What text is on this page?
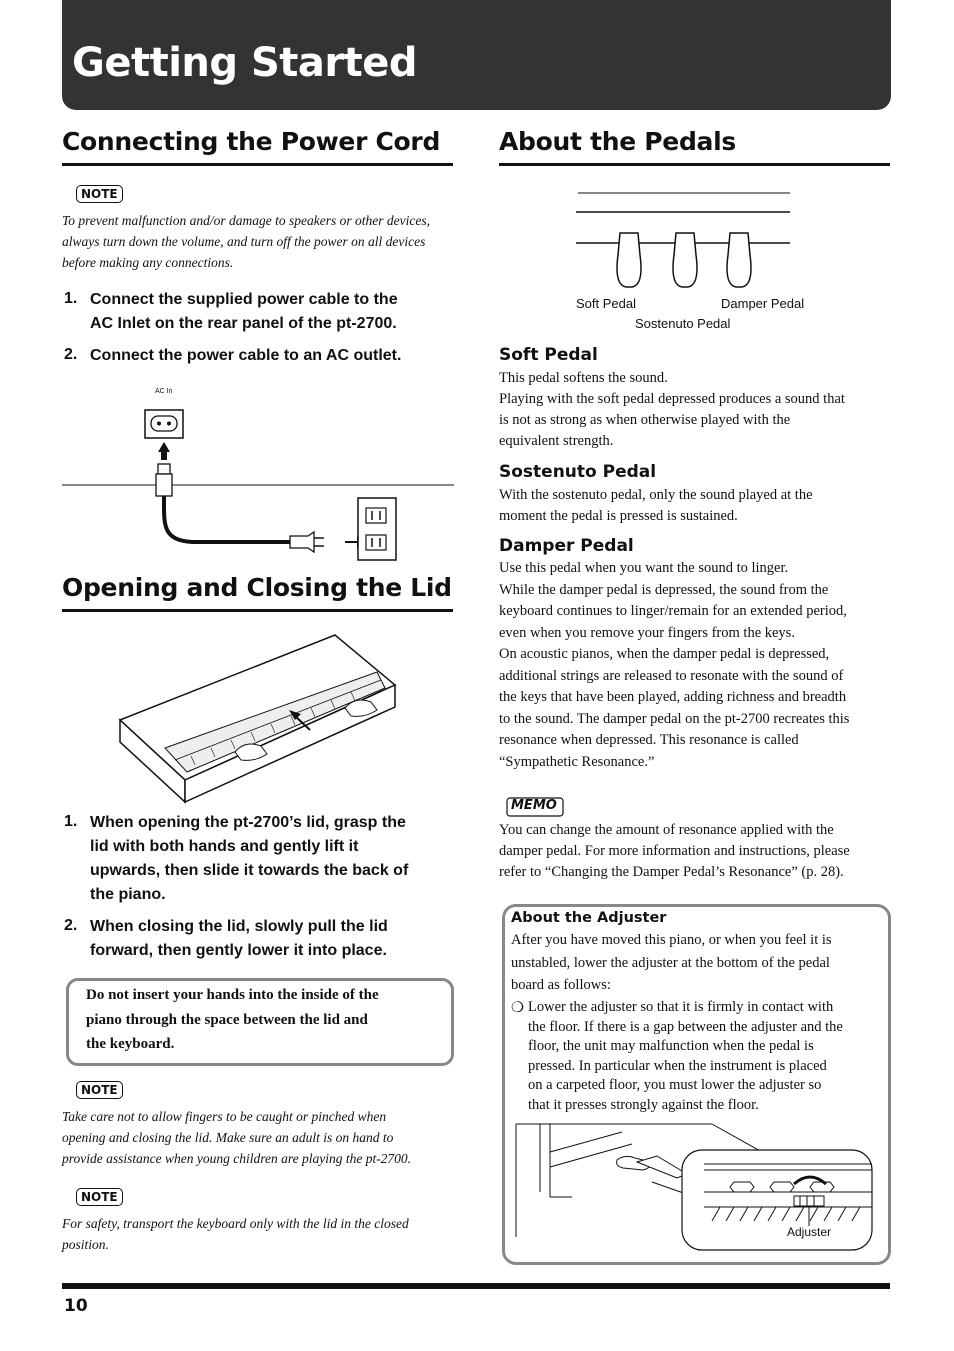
Getting Started
Connecting the Power Cord
NOTE
To prevent malfunction and/or damage to speakers or other devices,
always turn down the volume, and turn off the power on all devices
before making any connections.
1. Connect the supplied power cable to the
AC Inlet on the rear panel of the pt-2700.
2. Connect the power cable to an AC outlet.
AC In
Opening and Closing the Lid
1. When opening the pt-2700’s lid, grasp the
lid with both hands and gently lift it
upwards, then slide it towards the back of
the piano.
2. When closing the lid, slowly pull the lid
forward, then gently lower it into place.
Do not insert your hands into the inside of the
piano through the space between the lid and
the keyboard.
NOTE
Take care not to allow fingers to be caught or pinched when
opening and closing the lid. Make sure an adult is on hand to
provide assistance when young children are playing the pt-2700.
NOTE
For safety, transport the keyboard only with the lid in the closed
position.
About the Pedals
Soft Pedal	Damper Pedal
Sostenuto Pedal
Soft Pedal
This pedal softens the sound.
Playing with the soft pedal depressed produces a sound that
is not as strong as when otherwise played with the
equivalent strength.
Sostenuto Pedal
With the sostenuto pedal, only the sound played at the
moment the pedal is pressed is sustained.
Damper Pedal
Use this pedal when you want the sound to linger.
While the damper pedal is depressed, the sound from the
keyboard continues to linger/remain for an extended period,
even when you remove your fingers from the keys.
On acoustic pianos, when the damper pedal is depressed,
additional strings are released to resonate with the sound of
the keys that have been played, adding richness and breadth
to the sound. The damper pedal on the pt-2700 recreates this
resonance when depressed. This resonance is called
“Sympathetic Resonance.”
MEMO
You can change the amount of resonance applied with the
damper pedal. For more information and instructions, please
refer to “Changing the Damper Pedal’s Resonance” (p. 28).
About the Adjuster
After you have moved this piano, or when you feel it is
unstabled, lower the adjuster at the bottom of the pedal
board as follows:
❍ Lower the adjuster so that it is firmly in contact with
the floor. If there is a gap between the adjuster and the
floor, the unit may malfunction when the pedal is
pressed. In particular when the instrument is placed
on a carpeted floor, you must lower the adjuster so
that it presses strongly against the floor.
Adjuster
10
